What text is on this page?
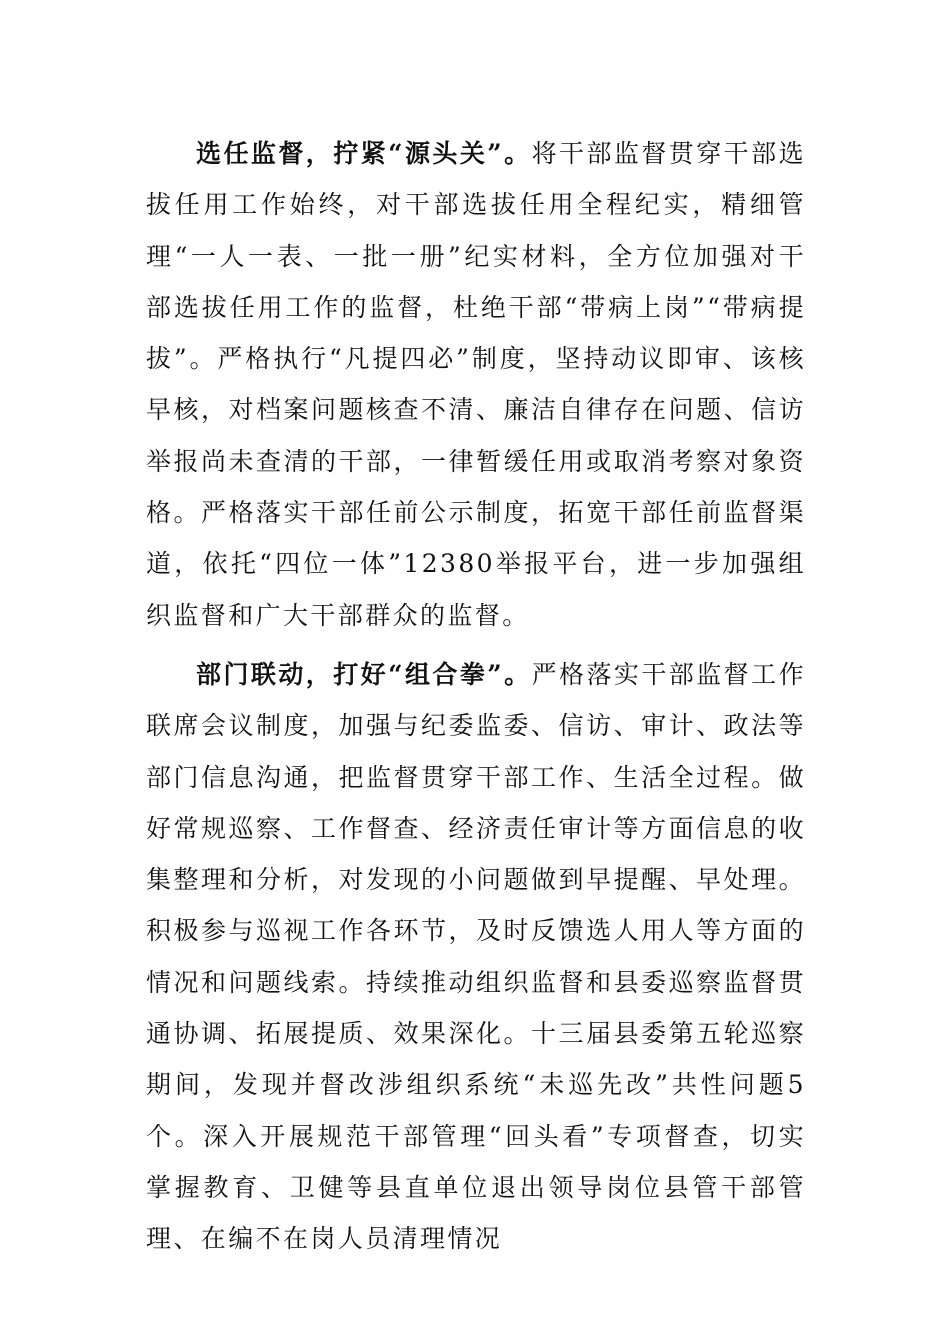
选任监督，拧紧“源头关”。将干部监督贯穿干部选拔任用工作始终，对干部选拔任用全程纪实，精细管理“一人一表、一批一册”纪实材料，全方位加强对干部选拔任用工作的监督，杜绝干部“带病上岗”“带病提拔”。严格执行“凡提四必”制度，坚持动议即审、该核早核，对档案问题核查不清、廉洁自律存在问题、信访举报尚未查清的干部，一律暂缓任用或取消考察对象资格。严格落实干部任前公示制度，拓宽干部任前监督渠道，依托“四位一体”12380举报平台，进一步加强组织监督和广大干部群众的监督。

部门联动，打好“组合拳”。严格落实干部监督工作联席会议制度，加强与纪委监委、信访、审计、政法等部门信息沟通，把监督贯穿干部工作、生活全过程。做好常规巡察、工作督查、经济责任审计等方面信息的收集整理和分析，对发现的小问题做到早提醒、早处理。积极参与巡视工作各环节，及时反馈选人用人等方面的情况和问题线索。持续推动组织监督和县委巡察监督贯通协调、拓展提质、效果深化。十三届县委第五轮巡察期间，发现并督改涉组织系统“未巡先改”共性问题5个。深入开展规范干部管理“回头看”专项督查，切实掌握教育、卫健等县直单位退出领导岗位县管干部管理、在编不在岗人员清理情况
